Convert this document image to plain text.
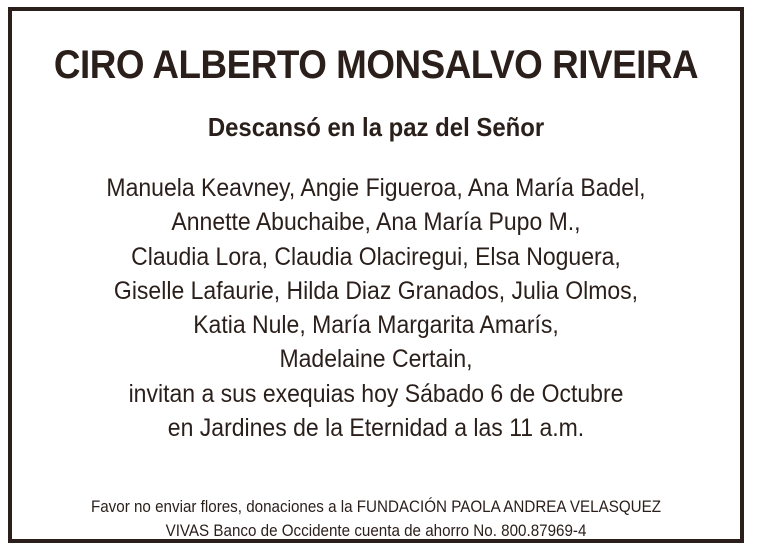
CIRO ALBERTO MONSALVO RIVEIRA
Descansó en la paz del Señor
Manuela Keavney, Angie Figueroa, Ana María Badel,
Annette Abuchaibe, Ana María Pupo M.,
Claudia Lora, Claudia Olaciregui, Elsa Noguera,
Giselle Lafaurie, Hilda Diaz Granados, Julia Olmos,
Katia Nule, María Margarita Amarís,
Madelaine Certain,
invitan a sus exequias hoy Sábado 6 de Octubre
en Jardines de la Eternidad a las 11 a.m.
Favor no enviar flores, donaciones a la FUNDACIÓN PAOLA ANDREA VELASQUEZ
VIVAS Banco de Occidente cuenta de ahorro No. 800.87969-4
